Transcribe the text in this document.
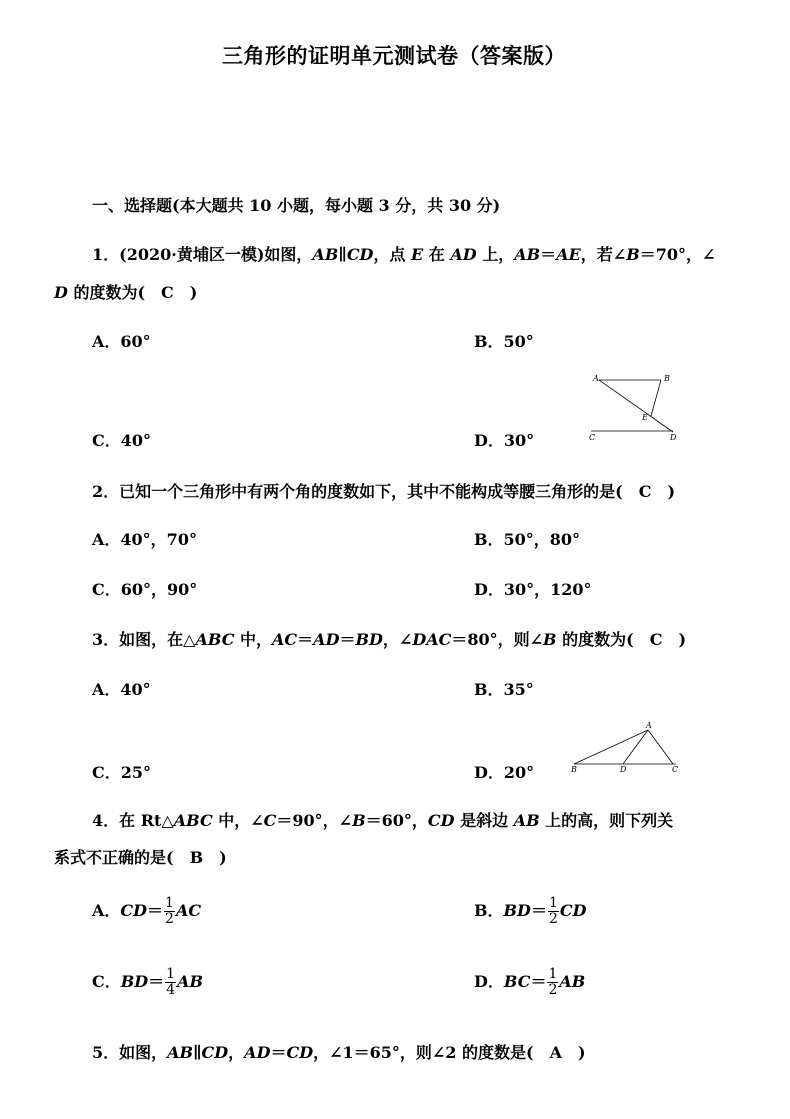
三角形的证明单元测试卷（答案版）
一、选择题(本大题共 10 小题，每小题 3 分，共 30 分)
1．(2020·黄埔区一模)如图，AB∥CD，点 E 在 AD 上，AB＝AE，若∠B＝70°，∠
D 的度数为(　C　)
A．60°	B．50°
C．40°	D．30°
A	B
E
C	D
2．已知一个三角形中有两个角的度数如下，其中不能构成等腰三角形的是(　C　)
A．40°，70°	B．50°，80°
C．60°，90°	D．30°，120°
3．如图，在△ABC 中，AC＝AD＝BD，∠DAC＝80°，则∠B 的度数为(　C　)
A．40°	B．35°
C．25°	D．20°
A
B	D	C
4．在 Rt△ABC 中，∠C＝90°，∠B＝60°，CD 是斜边 AB 上的高，则下列关
系式不正确的是(　B　)
A．$CD= \frac{1}{2}$ AC	B．$BD= \frac{1}{2}$ CD
C．$BD= \frac{1}{4}$ AB	D．$BC= \frac{1}{2}$ AB
5．如图，AB∥CD，AD＝CD，∠1＝65°，则∠2 的度数是(　A　)
